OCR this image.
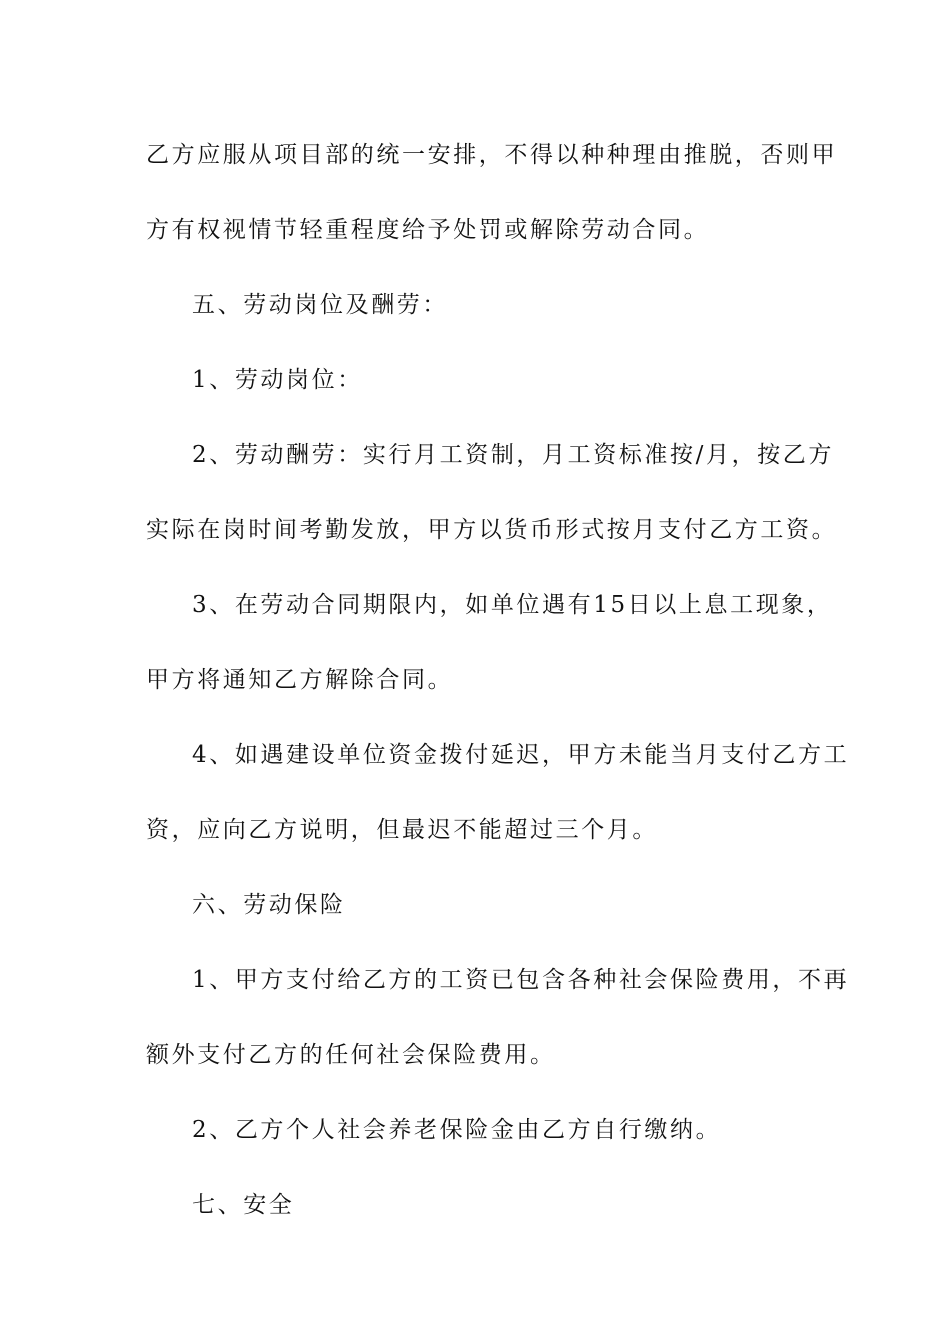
乙方应服从项目部的统一安排，不得以种种理由推脱，否则甲
方有权视情节轻重程度给予处罚或解除劳动合同。
五、劳动岗位及酬劳：
1、劳动岗位：
2、劳动酬劳：实行月工资制，月工资标准按/月，按乙方
实际在岗时间考勤发放，甲方以货币形式按月支付乙方工资。
3、在劳动合同期限内，如单位遇有15日以上息工现象，
甲方将通知乙方解除合同。
4、如遇建设单位资金拨付延迟，甲方未能当月支付乙方工
资，应向乙方说明，但最迟不能超过三个月。
六、劳动保险
1、甲方支付给乙方的工资已包含各种社会保险费用，不再
额外支付乙方的任何社会保险费用。
2、乙方个人社会养老保险金由乙方自行缴纳。
七、安全
